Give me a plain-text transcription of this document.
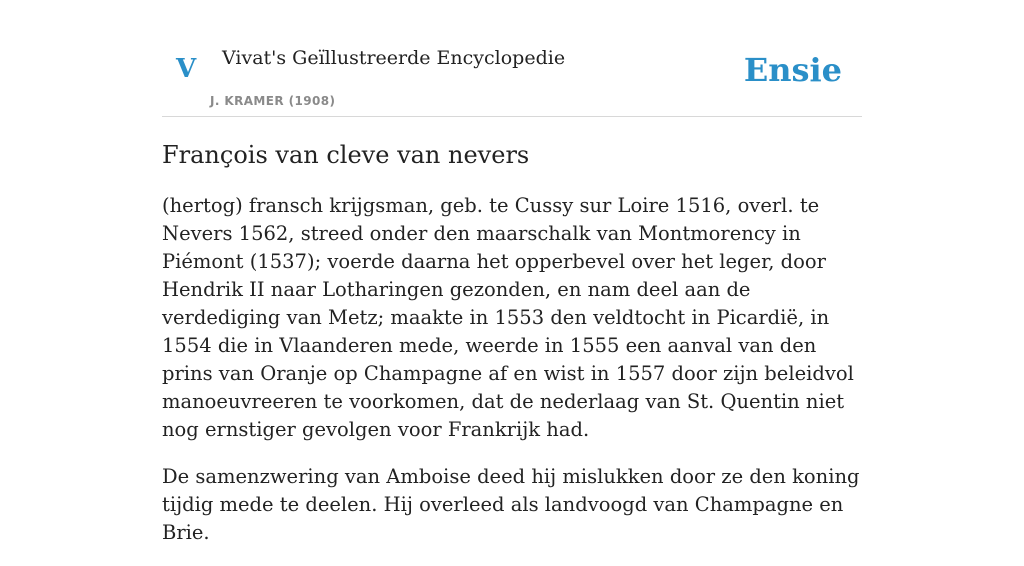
V Vivat's Geïllustreerde Encyclopedie
J. KRAMER (1908)
Ensie
François van cleve van nevers

(hertog) fransch krijgsman, geb. te Cussy sur Loire 1516, overl. te Nevers 1562, streed onder den maarschalk van Montmorency in Piémont (1537); voerde daarna het opperbevel over het leger, door Hendrik II naar Lotharingen gezonden, en nam deel aan de verdediging van Metz; maakte in 1553 den veldtocht in Picardië, in 1554 die in Vlaanderen mede, weerde in 1555 een aanval van den prins van Oranje op Champagne af en wist in 1557 door zijn beleidvol manoeuvreeren te voorkomen, dat de nederlaag van St. Quentin niet nog ernstiger gevolgen voor Frankrijk had.

De samenzwering van Amboise deed hij mislukken door ze den koning tijdig mede te deelen. Hij overleed als landvoogd van Champagne en Brie.
